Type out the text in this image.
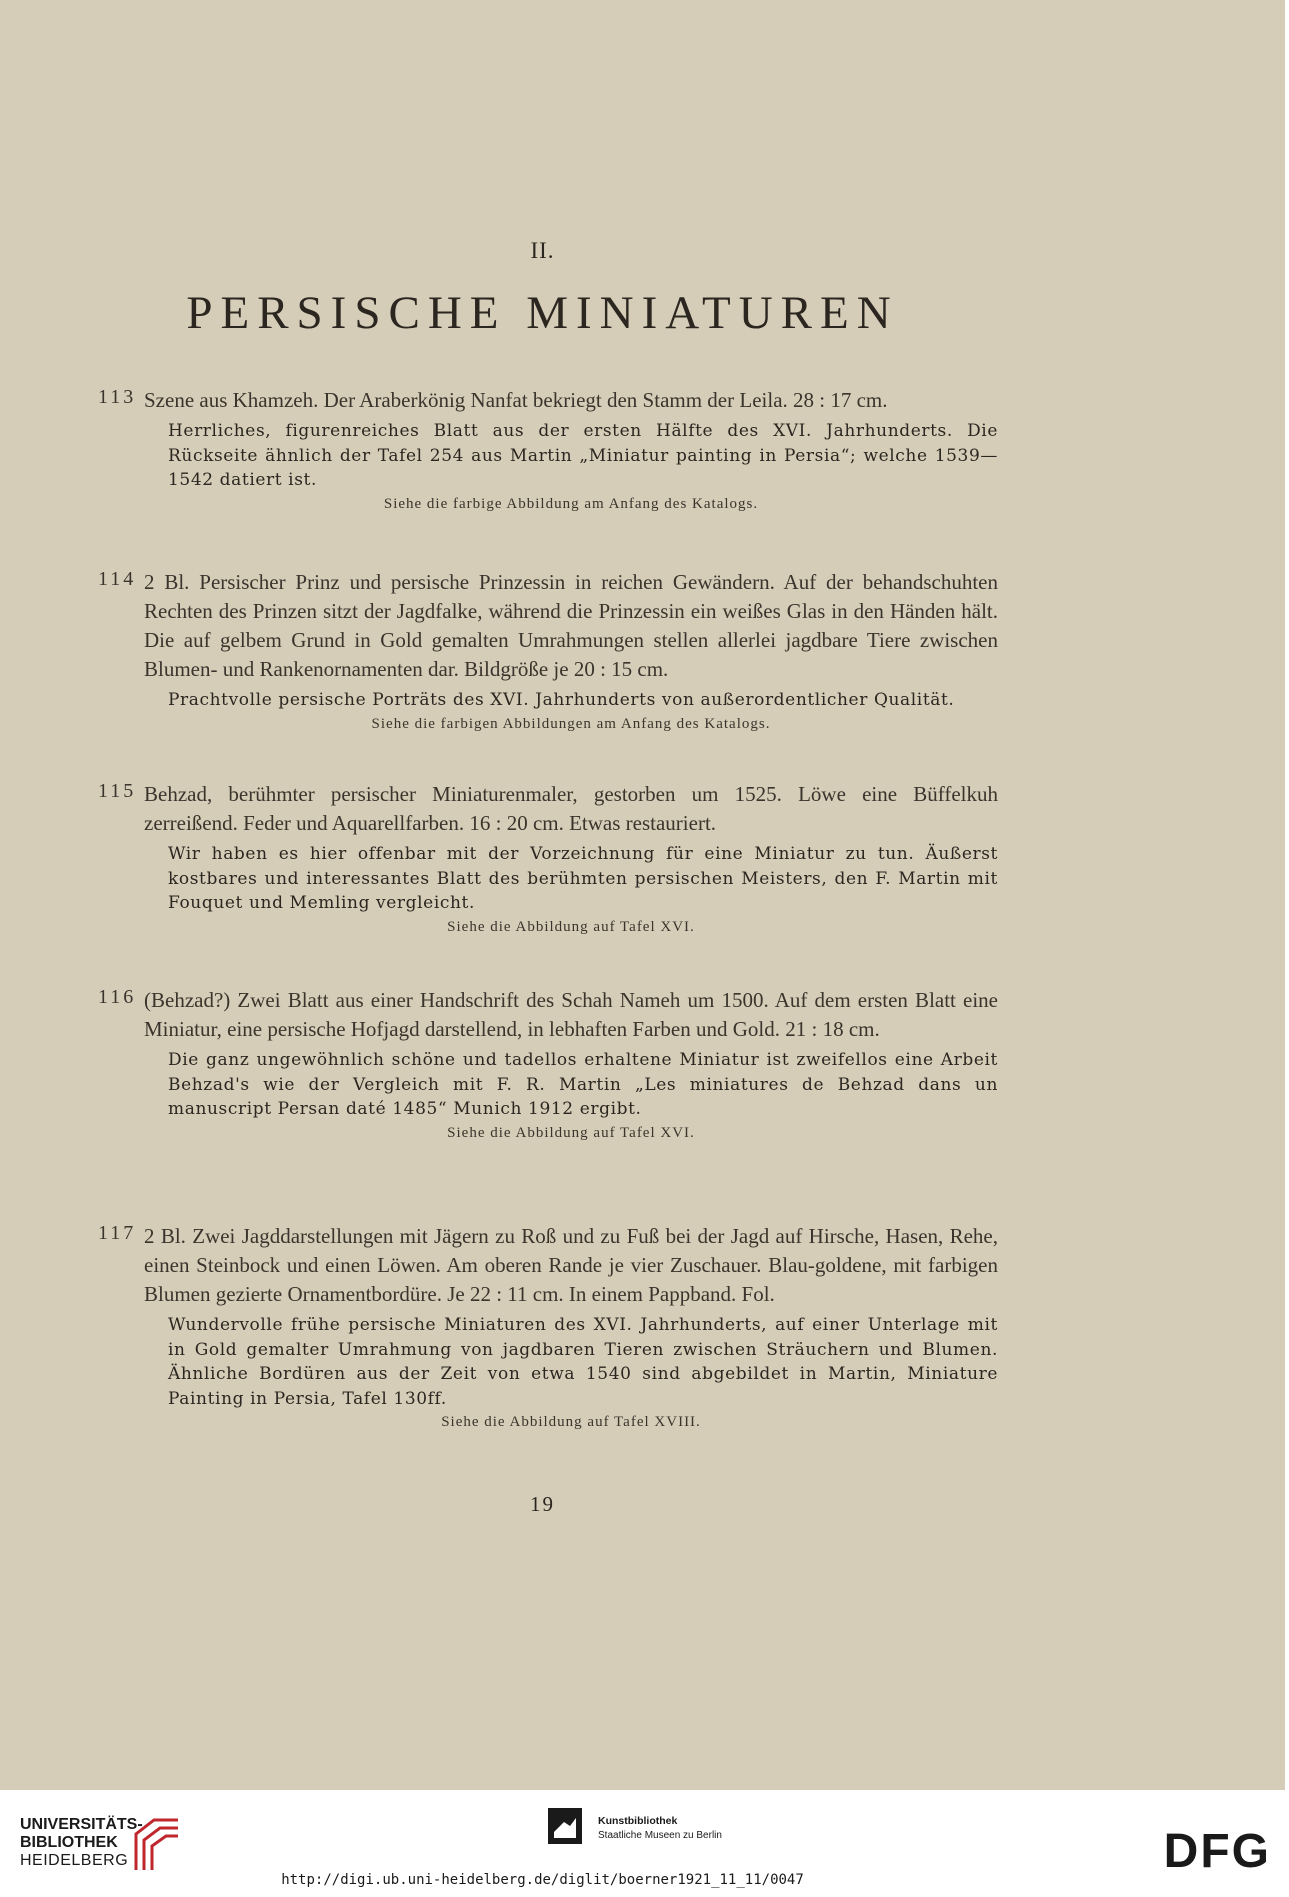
II.
PERSISCHE MINIATUREN
113 Szene aus Khamzeh. Der Araberkönig Nanfat bekriegt den Stamm der Leila. 28 : 17 cm.
Herrliches, figurenreiches Blatt aus der ersten Hälfte des XVI. Jahrhunderts. Die Rückseite ähnlich der Tafel 254 aus Martin „Miniatur painting in Persia“; welche 1539—1542 datiert ist.
Siehe die farbige Abbildung am Anfang des Katalogs.
114 2 Bl. Persischer Prinz und persische Prinzessin in reichen Gewändern. Auf der behandschuhten Rechten des Prinzen sitzt der Jagdfalke, während die Prinzessin ein weißes Glas in den Händen hält. Die auf gelbem Grund in Gold gemalten Umrahmungen stellen allerlei jagdbare Tiere zwischen Blumen- und Rankenornamenten dar. Bildgröße je 20 : 15 cm.
Prachtvolle persische Porträts des XVI. Jahrhunderts von außerordentlicher Qualität.
Siehe die farbigen Abbildungen am Anfang des Katalogs.
115 Behzad, berühmter persischer Miniaturenmaler, gestorben um 1525. Löwe eine Büffelkuh zerreißend. Feder und Aquarellfarben. 16 : 20 cm. Etwas restauriert.
Wir haben es hier offenbar mit der Vorzeichnung für eine Miniatur zu tun. Äußerst kostbares und interessantes Blatt des berühmten persischen Meisters, den F. Martin mit Fouquet und Memling vergleicht.
Siehe die Abbildung auf Tafel XVI.
116 (Behzad?) Zwei Blatt aus einer Handschrift des Schah Nameh um 1500. Auf dem ersten Blatt eine Miniatur, eine persische Hofjagd darstellend, in lebhaften Farben und Gold. 21 : 18 cm.
Die ganz ungewöhnlich schöne und tadellos erhaltene Miniatur ist zweifellos eine Arbeit Behzad's wie der Vergleich mit F. R. Martin „Les miniatures de Behzad dans un manuscript Persan daté 1485“ Munich 1912 ergibt.
Siehe die Abbildung auf Tafel XVI.
117 2 Bl. Zwei Jagddarstellungen mit Jägern zu Roß und zu Fuß bei der Jagd auf Hirsche, Hasen, Rehe, einen Steinbock und einen Löwen. Am oberen Rande je vier Zuschauer. Blau-goldene, mit farbigen Blumen gezierte Ornamentbordüre. Je 22 : 11 cm. In einem Pappband. Fol.
Wundervolle frühe persische Miniaturen des XVI. Jahrhunderts, auf einer Unterlage mit in Gold gemalter Umrahmung von jagdbaren Tieren zwischen Sträuchern und Blumen. Ähnliche Bordüren aus der Zeit von etwa 1540 sind abgebildet in Martin, Miniature Painting in Persia, Tafel 130ff.
Siehe die Abbildung auf Tafel XVIII.
19
UNIVERSITÄTS-
BIBLIOTHEK
HEIDELBERG
Kunstbibliothek
Staatliche Museen zu Berlin	DFG
http://digi.ub.uni-heidelberg.de/diglit/boerner1921_11_11/0047
